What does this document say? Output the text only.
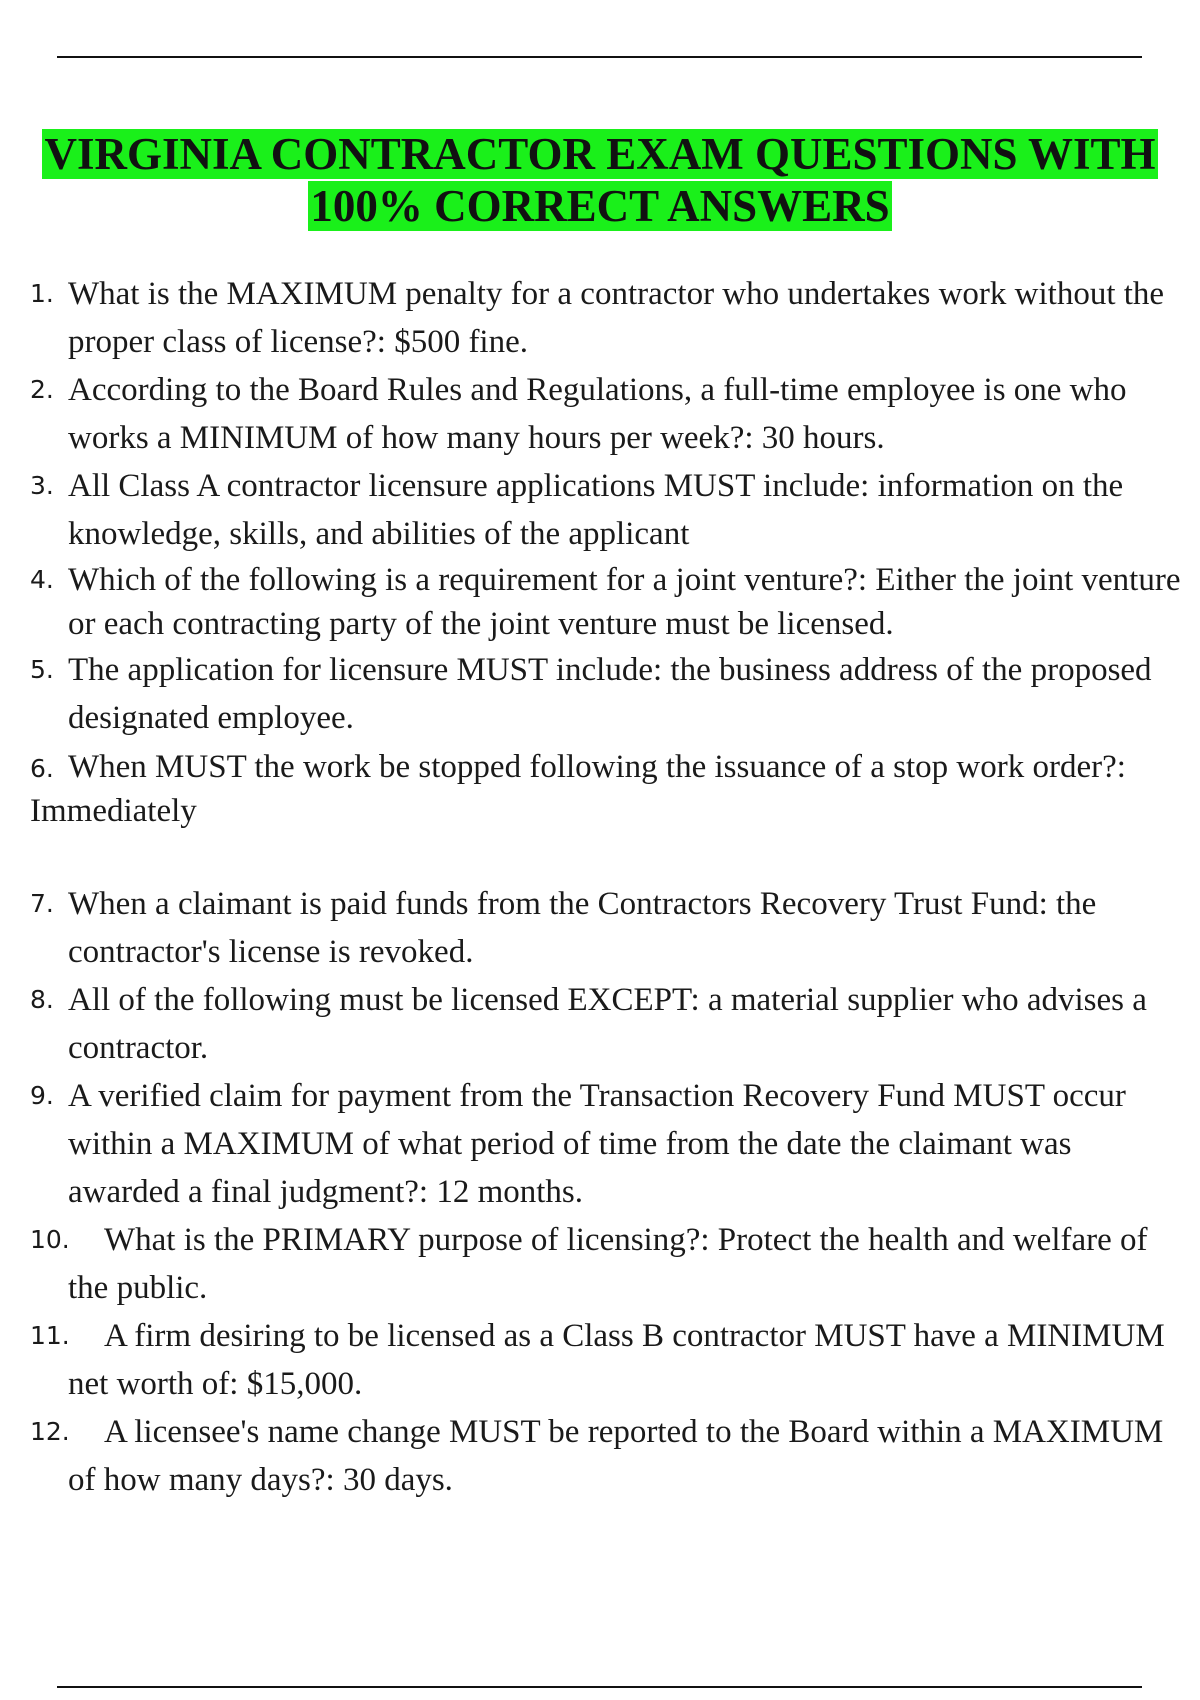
VIRGINIA CONTRACTOR EXAM QUESTIONS WITH
100% CORRECT ANSWERS
1. What is the MAXIMUM penalty for a contractor who undertakes work without the proper class of license?: $500 fine.
2. According to the Board Rules and Regulations, a full-time employee is one who works a MINIMUM of how many hours per week?: 30 hours.
3. All Class A contractor licensure applications MUST include: information on the knowledge, skills, and abilities of the applicant
4. Which of the following is a requirement for a joint venture?: Either the joint venture or each contracting party of the joint venture must be licensed.
5. The application for licensure MUST include: the business address of the proposed designated employee.
6. When MUST the work be stopped following the issuance of a stop work order?: Immediately
7. When a claimant is paid funds from the Contractors Recovery Trust Fund: the contractor's license is revoked.
8. All of the following must be licensed EXCEPT: a material supplier who advises a contractor.
9. A verified claim for payment from the Transaction Recovery Fund MUST occur within a MAXIMUM of what period of time from the date the claimant was awarded a final judgment?: 12 months.
10. What is the PRIMARY purpose of licensing?: Protect the health and welfare of the public.
11. A firm desiring to be licensed as a Class B contractor MUST have a MINIMUM net worth of: $15,000.
12. A licensee's name change MUST be reported to the Board within a MAXIMUM of how many days?: 30 days.
